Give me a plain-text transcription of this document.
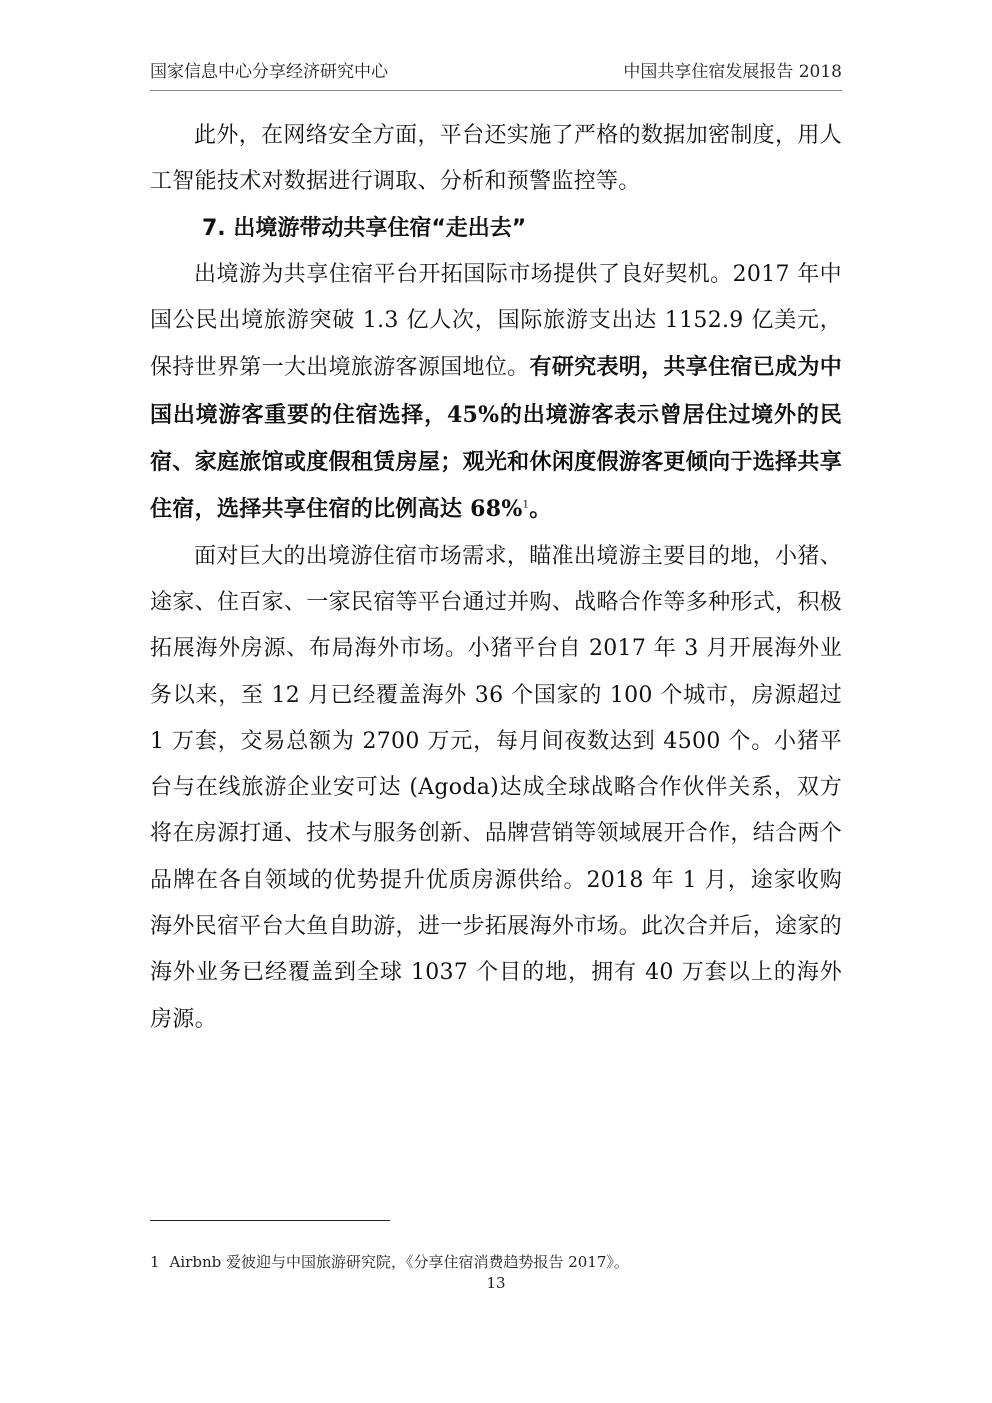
国家信息中心分享经济研究中心	中国共享住宿发展报告 2018

此外，在网络安全方面，平台还实施了严格的数据加密制度，用人工智能技术对数据进行调取、分析和预警监控等。

7. 出境游带动共享住宿“走出去”

出境游为共享住宿平台开拓国际市场提供了良好契机。2017 年中国公民出境旅游突破 1.3 亿人次，国际旅游支出达 1152.9 亿美元，保持世界第一大出境旅游客源国地位。有研究表明，共享住宿已成为中国出境游客重要的住宿选择，45%的出境游客表示曾居住过境外的民宿、家庭旅馆或度假租赁房屋；观光和休闲度假游客更倾向于选择共享住宿，选择共享住宿的比例高达 68%$^1$。

面对巨大的出境游住宿市场需求，瞄准出境游主要目的地，小猪、途家、住百家、一家民宿等平台通过并购、战略合作等多种形式，积极拓展海外房源、布局海外市场。小猪平台自 2017 年 3 月开展海外业务以来，至 12 月已经覆盖海外 36 个国家的 100 个城市，房源超过 1 万套，交易总额为 2700 万元，每月间夜数达到 4500 个。小猪平台与在线旅游企业安可达 (Agoda)达成全球战略合作伙伴关系，双方将在房源打通、技术与服务创新、品牌营销等领域展开合作，结合两个品牌在各自领域的优势提升优质房源供给。2018 年 1 月，途家收购海外民宿平台大鱼自助游，进一步拓展海外市场。此次合并后，途家的海外业务已经覆盖到全球 1037 个目的地，拥有 40 万套以上的海外房源。

1 Airbnb 爱彼迎与中国旅游研究院，《分享住宿消费趋势报告 2017》。
13
